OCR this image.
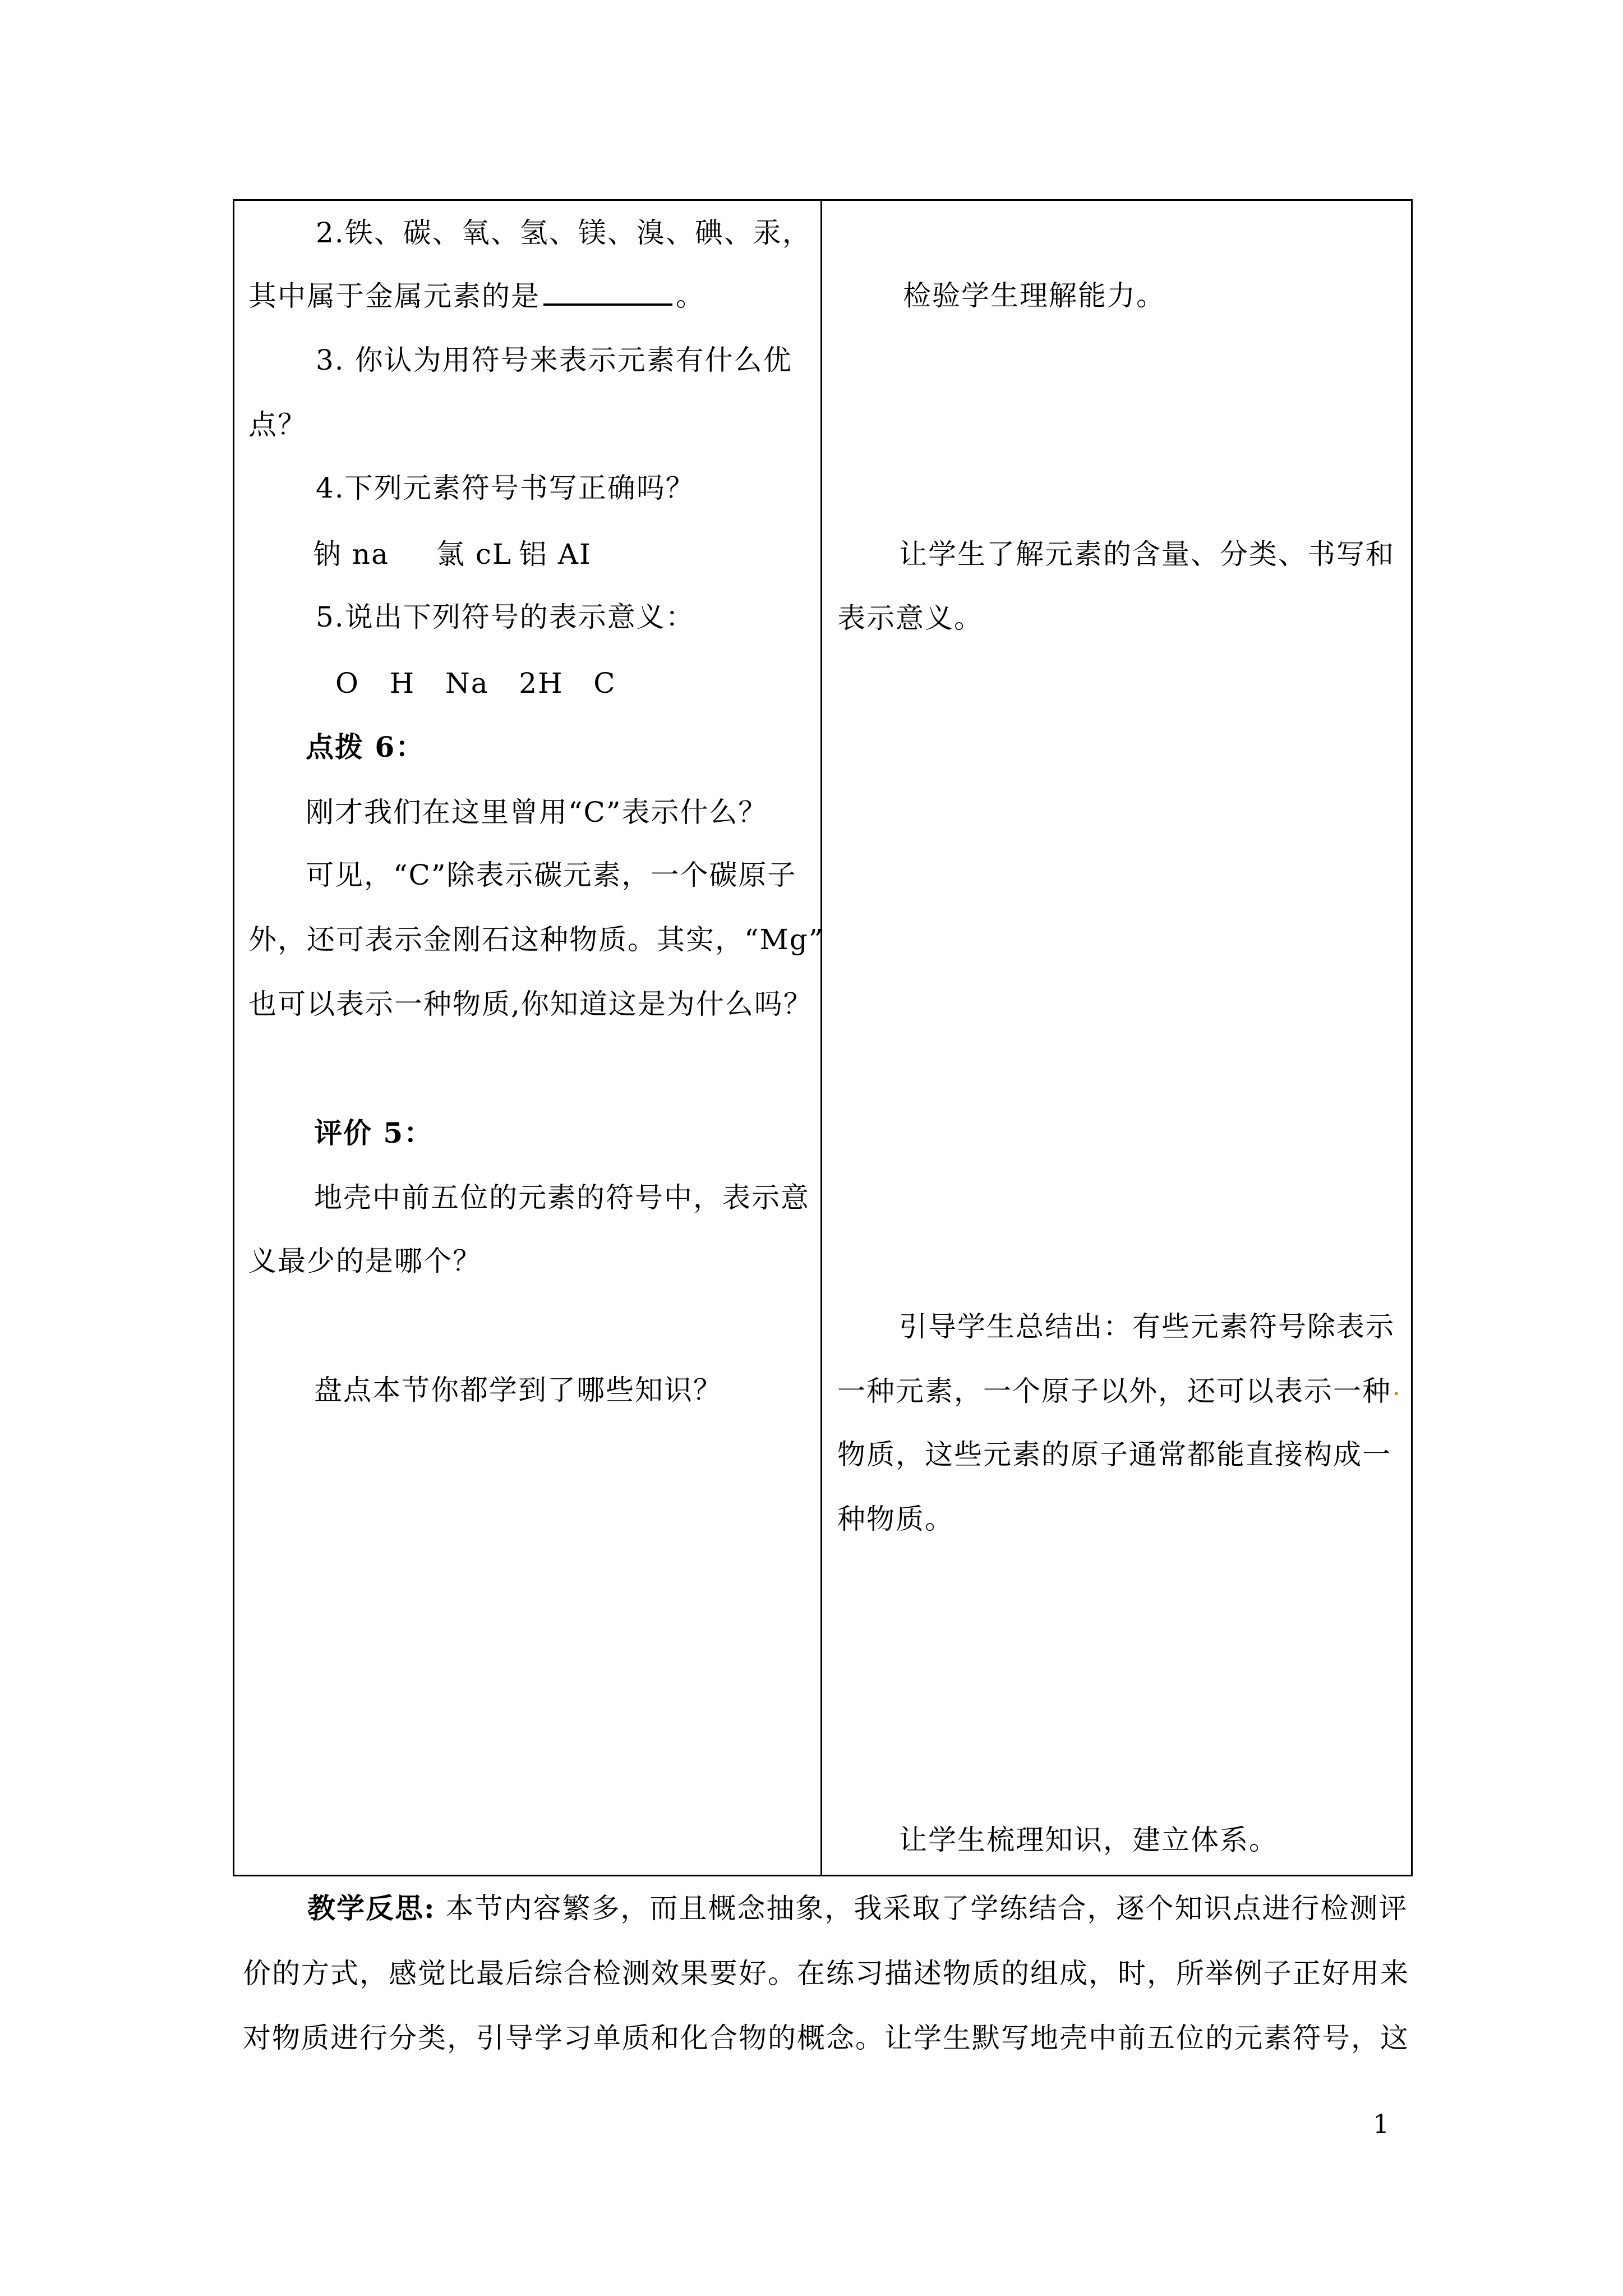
2.铁、碳、氧、氢、镁、溴、碘、汞，
其中属于金属元素的是	。
3. 你认为用符号来表示元素有什么优
点？
4.下列元素符号书写正确吗？
钠 na 氯 cL 铝 AI
5.说出下列符号的表示意义：
O   H   Na   2H   C
点拨 6：
刚才我们在这里曾用“C”表示什么？
可见，“C”除表示碳元素，一个碳原子
外，还可表示金刚石这种物质。其实，“Mg”
也可以表示一种物质,你知道这是为什么吗？
评价 5：
地壳中前五位的元素的符号中，表示意
义最少的是哪个？
盘点本节你都学到了哪些知识？
检验学生理解能力。
让学生了解元素的含量、分类、书写和
表示意义。
引导学生总结出：有些元素符号除表示
一种元素，一个原子以外，还可以表示一种
物质，这些元素的原子通常都能直接构成一
种物质。
让学生梳理知识，建立体系。
教学反思: 本节内容繁多，而且概念抽象，我采取了学练结合，逐个知识点进行检测评
价的方式，感觉比最后综合检测效果要好。在练习描述物质的组成，时，所举例子正好用来
对物质进行分类，引导学习单质和化合物的概念。让学生默写地壳中前五位的元素符号，这
1
